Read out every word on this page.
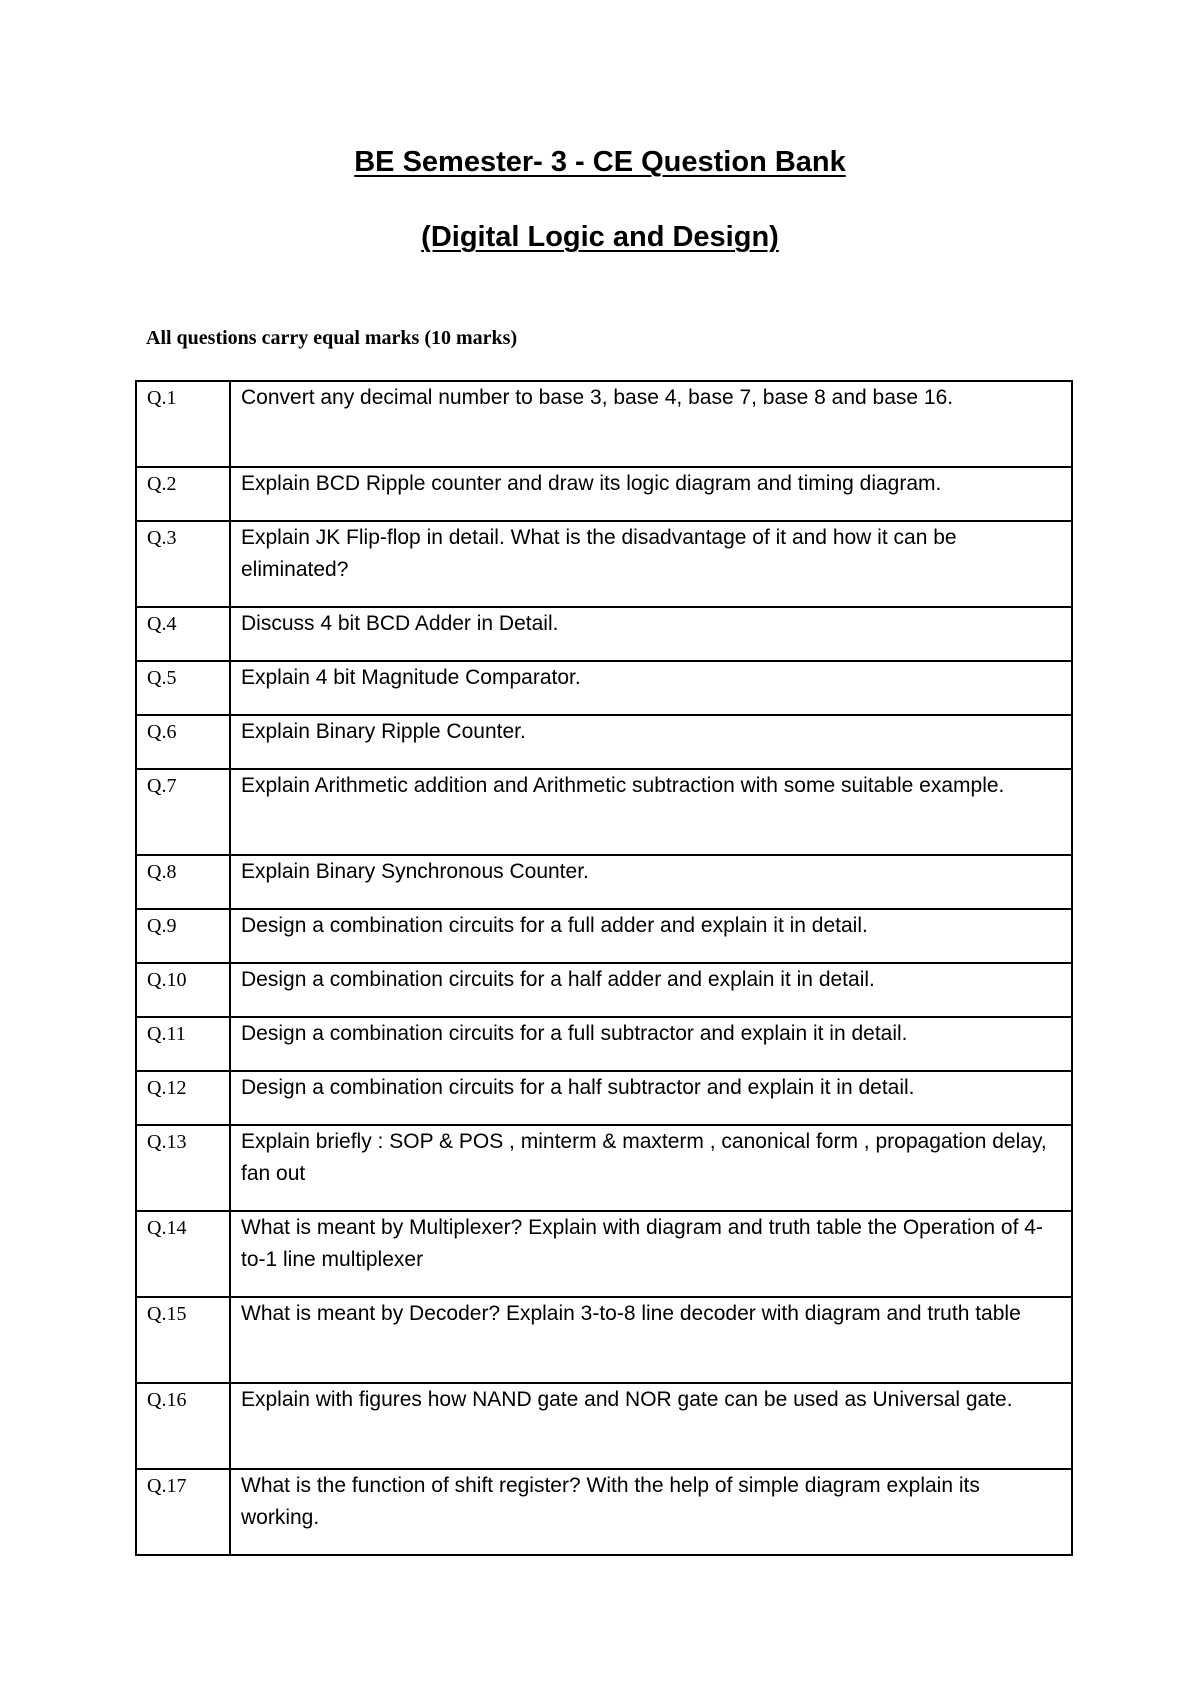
BE Semester- 3 - CE Question Bank
(Digital Logic and Design)
All questions carry equal marks (10 marks)
Q.1	Convert any decimal number to base 3, base 4, base 7, base 8 and base 16.
Q.2	Explain BCD Ripple counter and draw its logic diagram and timing diagram.
Q.3	Explain JK Flip-flop in detail. What is the disadvantage of it and how it can be eliminated?
Q.4	Discuss 4 bit BCD Adder in Detail.
Q.5	Explain 4 bit Magnitude Comparator.
Q.6	Explain Binary Ripple Counter.
Q.7	Explain Arithmetic addition and Arithmetic subtraction with some suitable example.
Q.8	Explain Binary Synchronous Counter.
Q.9	Design a combination circuits for a full adder and explain it in detail.
Q.10	Design a combination circuits for a half adder and explain it in detail.
Q.11	Design a combination circuits for a full subtractor and explain it in detail.
Q.12	Design a combination circuits for a half subtractor and explain it in detail.
Q.13	Explain briefly : SOP & POS , minterm & maxterm , canonical form , propagation delay, fan out
Q.14	What is meant by Multiplexer? Explain with diagram and truth table the Operation of 4-to-1 line multiplexer
Q.15	What is meant by Decoder? Explain 3-to-8 line decoder with diagram and truth table
Q.16	Explain with figures how NAND gate and NOR gate can be used as Universal gate.
Q.17	What is the function of shift register? With the help of simple diagram explain its working.
